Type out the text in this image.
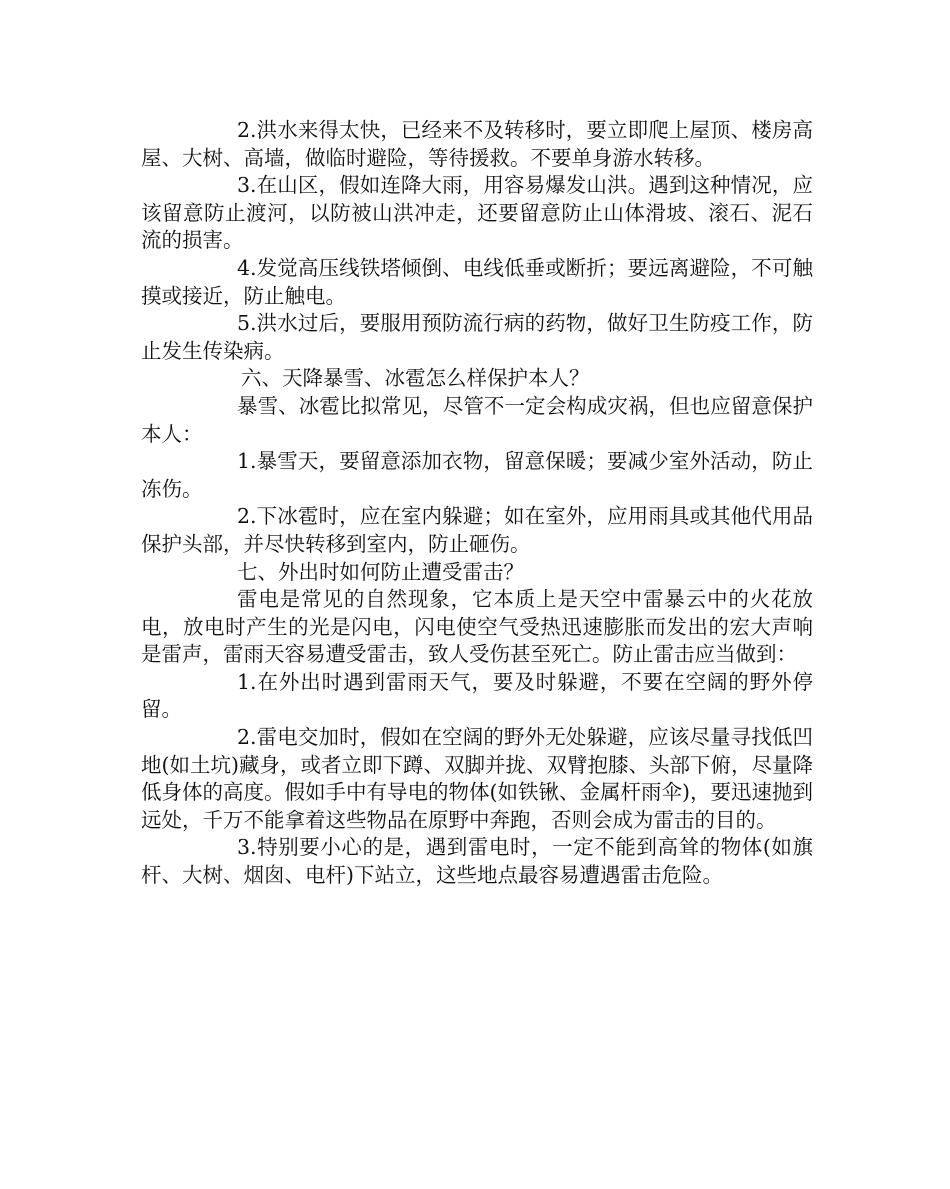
2.洪水来得太快，已经来不及转移时，要立即爬上屋顶、楼房高屋、大树、高墙，做临时避险，等待援救。不要单身游水转移。

3.在山区，假如连降大雨，用容易爆发山洪。遇到这种情况，应该留意防止渡河，以防被山洪冲走，还要留意防止山体滑坡、滚石、泥石流的损害。

4.发觉高压线铁塔倾倒、电线低垂或断折；要远离避险，不可触摸或接近，防止触电。

5.洪水过后，要服用预防流行病的药物，做好卫生防疫工作，防止发生传染病。

六、天降暴雪、冰雹怎么样保护本人？

暴雪、冰雹比拟常见，尽管不一定会构成灾祸，但也应留意保护本人：

1.暴雪天，要留意添加衣物，留意保暖；要减少室外活动，防止冻伤。

2.下冰雹时，应在室内躲避；如在室外，应用雨具或其他代用品保护头部，并尽快转移到室内，防止砸伤。

七、外出时如何防止遭受雷击？

雷电是常见的自然现象，它本质上是天空中雷暴云中的火花放电，放电时产生的光是闪电，闪电使空气受热迅速膨胀而发出的宏大声响是雷声，雷雨天容易遭受雷击，致人受伤甚至死亡。防止雷击应当做到：

1.在外出时遇到雷雨天气，要及时躲避，不要在空阔的野外停留。

2.雷电交加时，假如在空阔的野外无处躲避，应该尽量寻找低凹地(如土坑)藏身，或者立即下蹲、双脚并拢、双臂抱膝、头部下俯，尽量降低身体的高度。假如手中有导电的物体(如铁锹、金属杆雨伞)，要迅速抛到远处，千万不能拿着这些物品在原野中奔跑，否则会成为雷击的目的。

3.特别要小心的是，遇到雷电时，一定不能到高耸的物体(如旗杆、大树、烟囱、电杆)下站立，这些地点最容易遭遇雷击危险。
